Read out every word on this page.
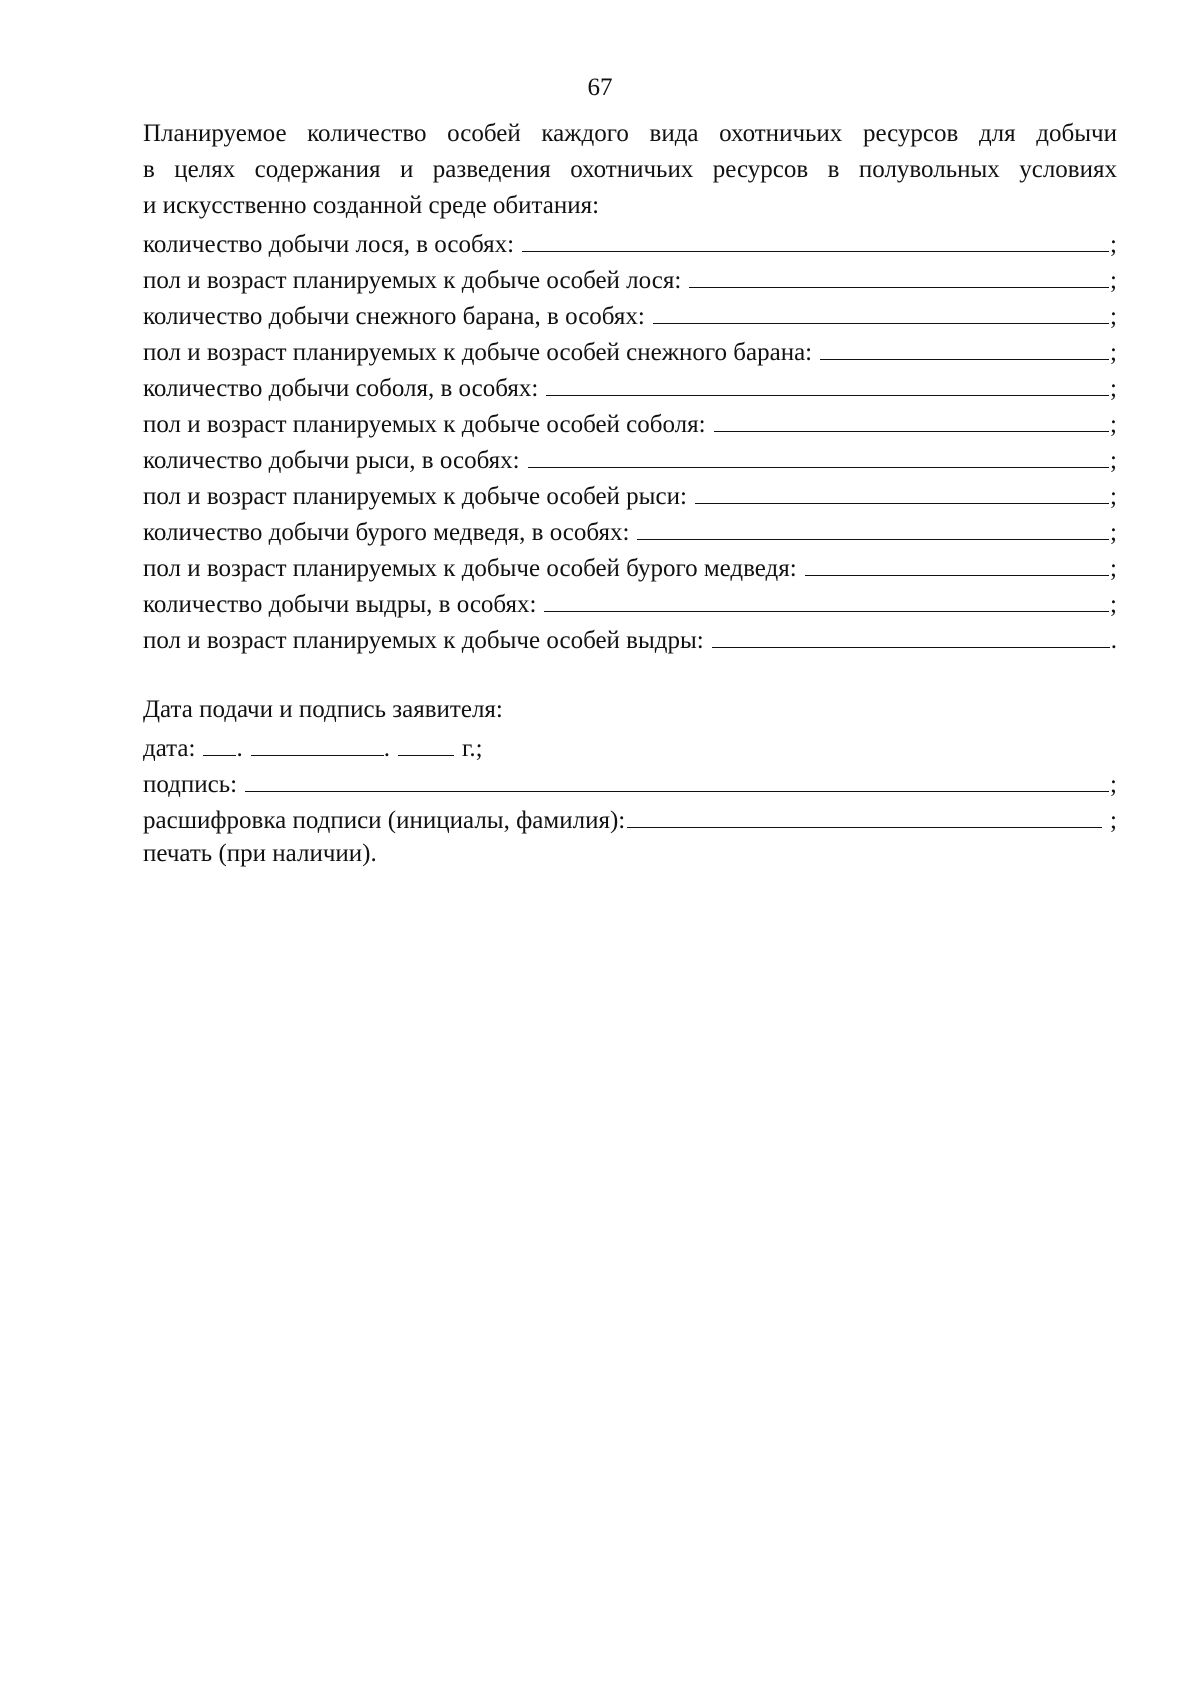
67
Планируемое количество особей каждого вида охотничьих ресурсов для добычи
в целях содержания и разведения охотничьих ресурсов в полувольных условиях
и искусственно созданной среде обитания:
количество добычи лося, в особях:	;
пол и возраст планируемых к добыче особей лося:	;
количество добычи снежного барана, в особях:	;
пол и возраст планируемых к добыче особей снежного барана:	;
количество добычи соболя, в особях:	;
пол и возраст планируемых к добыче особей соболя:	;
количество добычи рыси, в особях:	;
пол и возраст планируемых к добыче особей рыси:	;
количество добычи бурого медведя, в особях:	;
пол и возраст планируемых к добыче особей бурого медведя:	;
количество добычи выдры, в особях:	;
пол и возраст планируемых к добыче особей выдры:	.
Дата подачи и подпись заявителя:
дата: .	.	г.;
подпись:	;
расшифровка подписи (инициалы, фамилия):	;
печать (при наличии).
